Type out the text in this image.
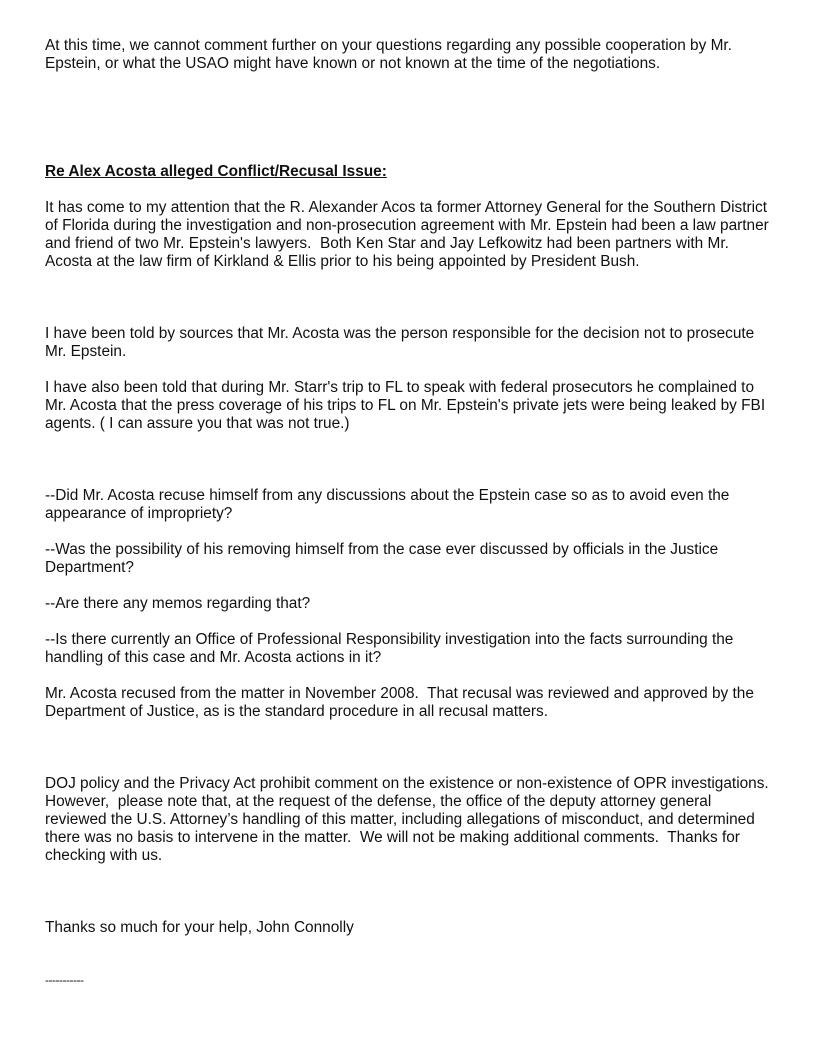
At this time, we cannot comment further on your questions regarding any possible cooperation by Mr. Epstein, or what the USAO might have known or not known at the time of the negotiations.

Re Alex Acosta alleged Conflict/Recusal Issue:

It has come to my attention that the R. Alexander Acos ta former Attorney General for the Southern District of Florida during the investigation and non-prosecution agreement with Mr. Epstein had been a law partner and friend of two Mr. Epstein's lawyers.  Both Ken Star and Jay Lefkowitz had been partners with Mr. Acosta at the law firm of Kirkland & Ellis prior to his being appointed by President Bush.

I have been told by sources that Mr. Acosta was the person responsible for the decision not to prosecute Mr. Epstein.

I have also been told that during Mr. Starr's trip to FL to speak with federal prosecutors he complained to Mr. Acosta that the press coverage of his trips to FL on Mr. Epstein's private jets were being leaked by FBI agents. ( I can assure you that was not true.)

--Did Mr. Acosta recuse himself from any discussions about the Epstein case so as to avoid even the appearance of impropriety?

--Was the possibility of his removing himself from the case ever discussed by officials in the Justice Department?

--Are there any memos regarding that?

--Is there currently an Office of Professional Responsibility investigation into the facts surrounding the handling of this case and Mr. Acosta actions in it?

Mr. Acosta recused from the matter in November 2008.  That recusal was reviewed and approved by the Department of Justice, as is the standard procedure in all recusal matters.

DOJ policy and the Privacy Act prohibit comment on the existence or non-existence of OPR investigations.  However,  please note that, at the request of the defense, the office of the deputy attorney general reviewed the U.S. Attorney’s handling of this matter, including allegations of misconduct, and determined there was no basis to intervene in the matter.  We will not be making additional comments.  Thanks for checking with us.

Thanks so much for your help, John Connolly

-----------
